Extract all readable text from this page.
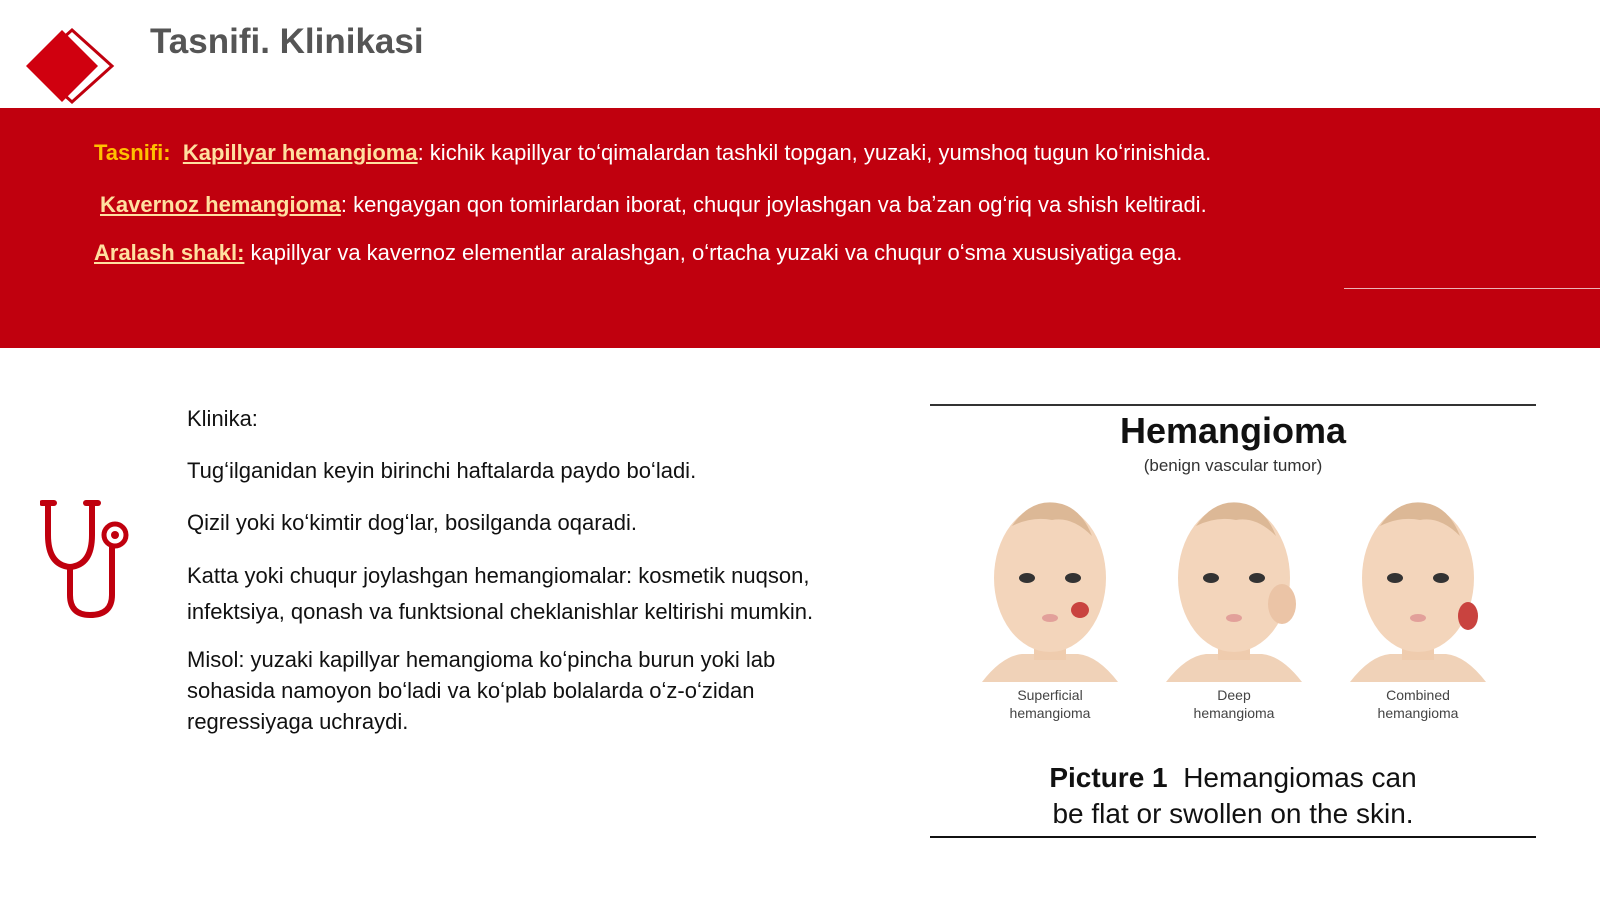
Tasnifi. Klinikasi

Tasnifi: Kapillyar hemangioma: kichik kapillyar toʻqimalardan tashkil topgan, yuzaki, yumshoq tugun koʻrinishida.

Kavernoz hemangioma: kengaygan qon tomirlardan iborat, chuqur joylashgan va baʼzan ogʻriq va shish keltiradi.

Aralash shakl: kapillyar va kavernoz elementlar aralashgan, oʻrtacha yuzaki va chuqur oʻsma xususiyatiga ega.

Klinika:

Tugʻilganidan keyin birinchi haftalarda paydo boʻladi.

Qizil yoki koʻkimtir dogʻlar, bosilganda oqaradi.

Katta yoki chuqur joylashgan hemangiomalar: kosmetik nuqson,

infektsiya, qonash va funktsional cheklanishlar keltirishi mumkin.

Misol: yuzaki kapillyar hemangioma koʻpincha burun yoki lab

sohasida namoyon boʻladi va koʻplab bolalarda oʻz-oʻzidan

regressiyaga uchraydi.

Hemangioma
(benign vascular tumor)
Superficial
hemangioma
Deep
hemangioma
Combined
hemangioma
Picture 1 Hemangiomas can
be flat or swollen on the skin.
